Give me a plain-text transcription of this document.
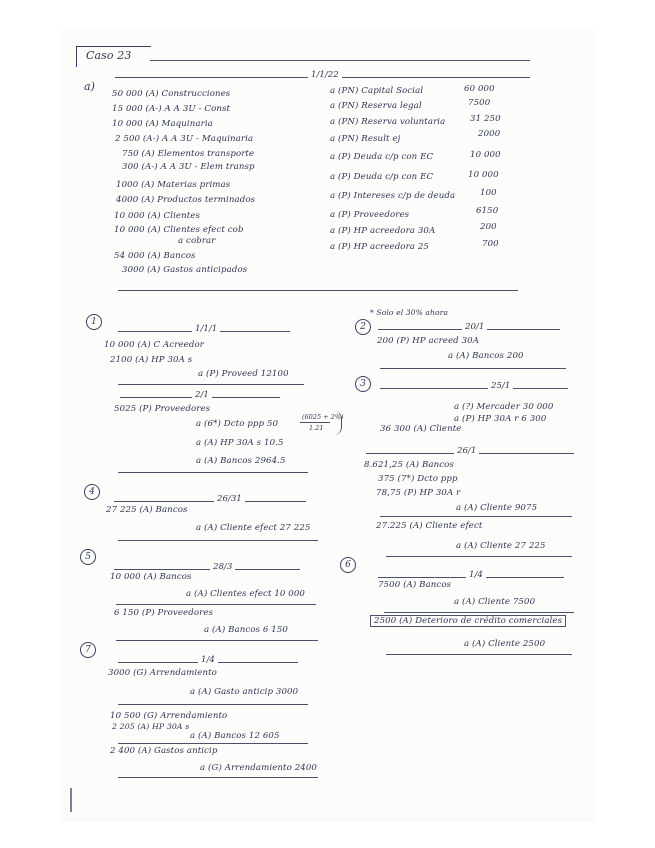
Caso 23
a)
1/1/22
50 000 (A) Construcciones
15 000 (A-) A A 3U - Const
10 000 (A) Maquinaria
2 500 (A-) A A 3U - Maquinaria
750 (A) Elementos transporte
300 (A-) A A 3U - Elem transp
1000 (A) Materias primas
4000 (A) Productos terminados
10 000 (A) Clientes
10 000 (A) Clientes efect cob
a cobrar
54 000 (A) Bancos
3000 (A) Gastos anticipados
a (PN) Capital Social	60 000
a (PN) Reserva legal	7500
a (PN) Reserva voluntaria	31 250
a (PN) Result ej	2000
a (P) Deuda c/p con EC	10 000
a (P) Deuda c/p con EC	10 000
a (P) Intereses c/p de deuda	100
a (P) Proveedores	6150
a (P) HP acreedora 30A	200
a (P) HP acreedora 25	700
1
1/1/1
10 000 (A) C Acreedor
2100 (A) HP 30A s
a (P) Proveed 12100
2/1
5025 (P) Proveedores
a (6*) Dcto ppp 50
(6025 + 2%)
1.21
a (A) HP 30A s 10.5
a (A) Bancos 2964.5
* Solo el 30% ahora
2	20/1
200 (P) HP acreed 30A
a (A) Bancos 200
3	25/1
a (?) Mercader 30 000
a (P) HP 30A r 6 300
36 300 (A) Cliente
26/1
8.621,25 (A) Bancos
375 (7*) Dcto ppp
78,75 (P) HP 30A r
a (A) Cliente 9075
27.225 (A) Cliente efect
a (A) Cliente 27 225
4
26/31
27 225 (A) Bancos
a (A) Cliente efect 27 225
5
28/3
10 000 (A) Bancos
a (A) Clientes efect 10 000
6 150 (P) Proveedores
a (A) Bancos 6 150
6
1/4
7500 (A) Bancos
a (A) Cliente 7500
2500 (A) Deterioro de crédito comerciales
a (A) Cliente 2500
7
1/4
3000 (G) Arrendamiento
a (A) Gasto anticip 3000
10 500 (G) Arrendamiento
2 205 (A) HP 30A s
a (A) Bancos 12 605
2 400 (A) Gastos anticip
a (G) Arrendamiento 2400
